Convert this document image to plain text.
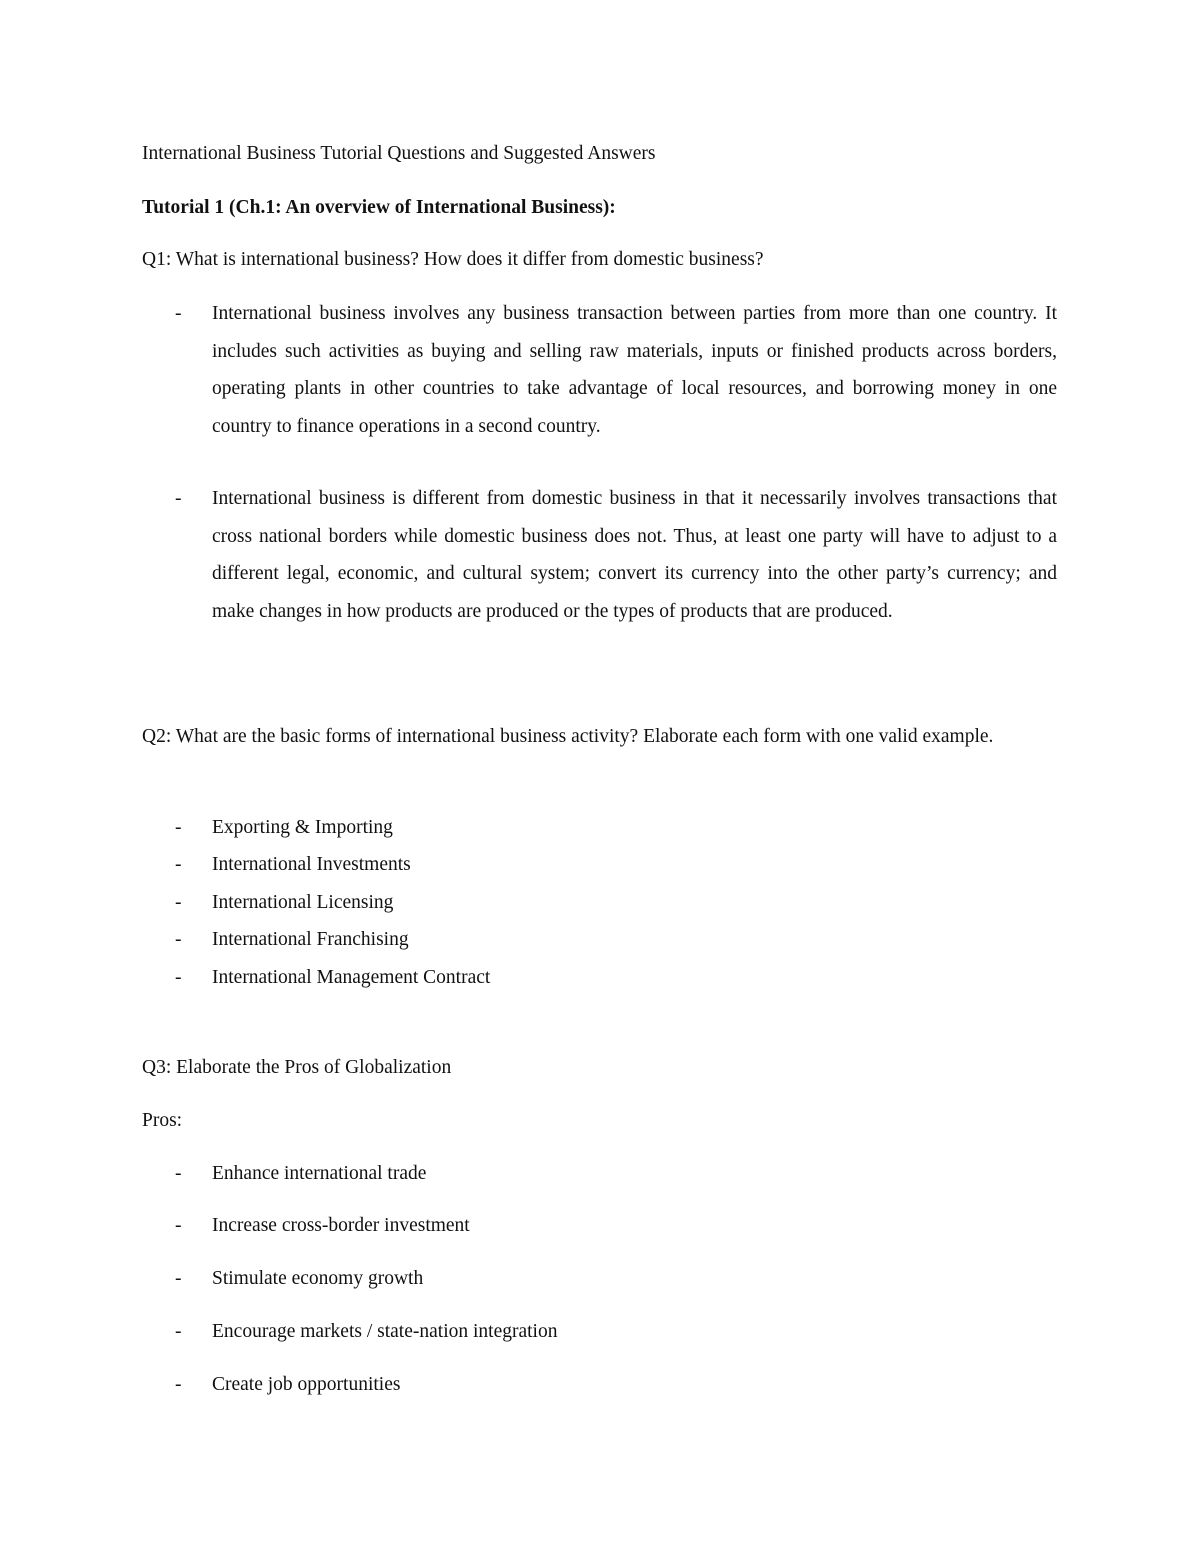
International Business Tutorial Questions and Suggested Answers

Tutorial 1 (Ch.1: An overview of International Business):

Q1: What is international business? How does it differ from domestic business?

- International business involves any business transaction between parties from more than one country. It includes such activities as buying and selling raw materials, inputs or finished products across borders, operating plants in other countries to take advantage of local resources, and borrowing money in one country to finance operations in a second country.

- International business is different from domestic business in that it necessarily involves transactions that cross national borders while domestic business does not. Thus, at least one party will have to adjust to a different legal, economic, and cultural system; convert its currency into the other party’s currency; and make changes in how products are produced or the types of products that are produced.

Q2: What are the basic forms of international business activity? Elaborate each form with one valid example.

- Exporting & Importing

- International Investments

- International Licensing

- International Franchising

- International Management Contract

Q3: Elaborate the Pros of Globalization

Pros:

- Enhance international trade

- Increase cross-border investment

- Stimulate economy growth

- Encourage markets / state-nation integration

- Create job opportunities
